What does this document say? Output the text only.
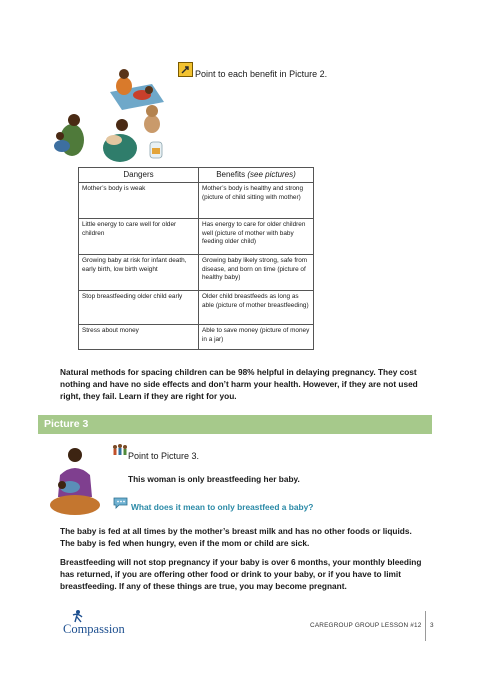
Point to each benefit in Picture 2.
Dangers	Benefits (see pictures)
Mother’s body is weak	Mother’s body is healthy and strong (picture of child sitting with mother)
Little energy to care well for older children	Has energy to care for older children well (picture of mother with baby feeding older child)
Growing baby at risk for infant death, early birth, low birth weight	Growing baby likely strong, safe from disease, and born on time (picture of healthy baby)
Stop breastfeeding older child early	Older child breastfeeds as long as able (picture of mother breastfeeding)
Stress about money	Able to save money (picture of money in a jar)

Natural methods for spacing children can be 98% helpful in delaying pregnancy. They cost nothing and have no side effects and don’t harm your health. However, if they are not used right, they fail. Learn if they are right for you.

Picture 3
Point to Picture 3.
This woman is only breastfeeding her baby.
What does it mean to only breastfeed a baby?

The baby is fed at all times by the mother’s breast milk and has no other foods or liquids. The baby is fed when hungry, even if the mom or child are sick.

Breastfeeding will not stop pregnancy if your baby is over 6 months, your monthly bleeding has returned, if you are offering other food or drink to your baby, or if you have to limit breastfeeding. If any of these things are true, you may become pregnant.

Compassion	CAREGROUP GROUP LESSON #12 3
